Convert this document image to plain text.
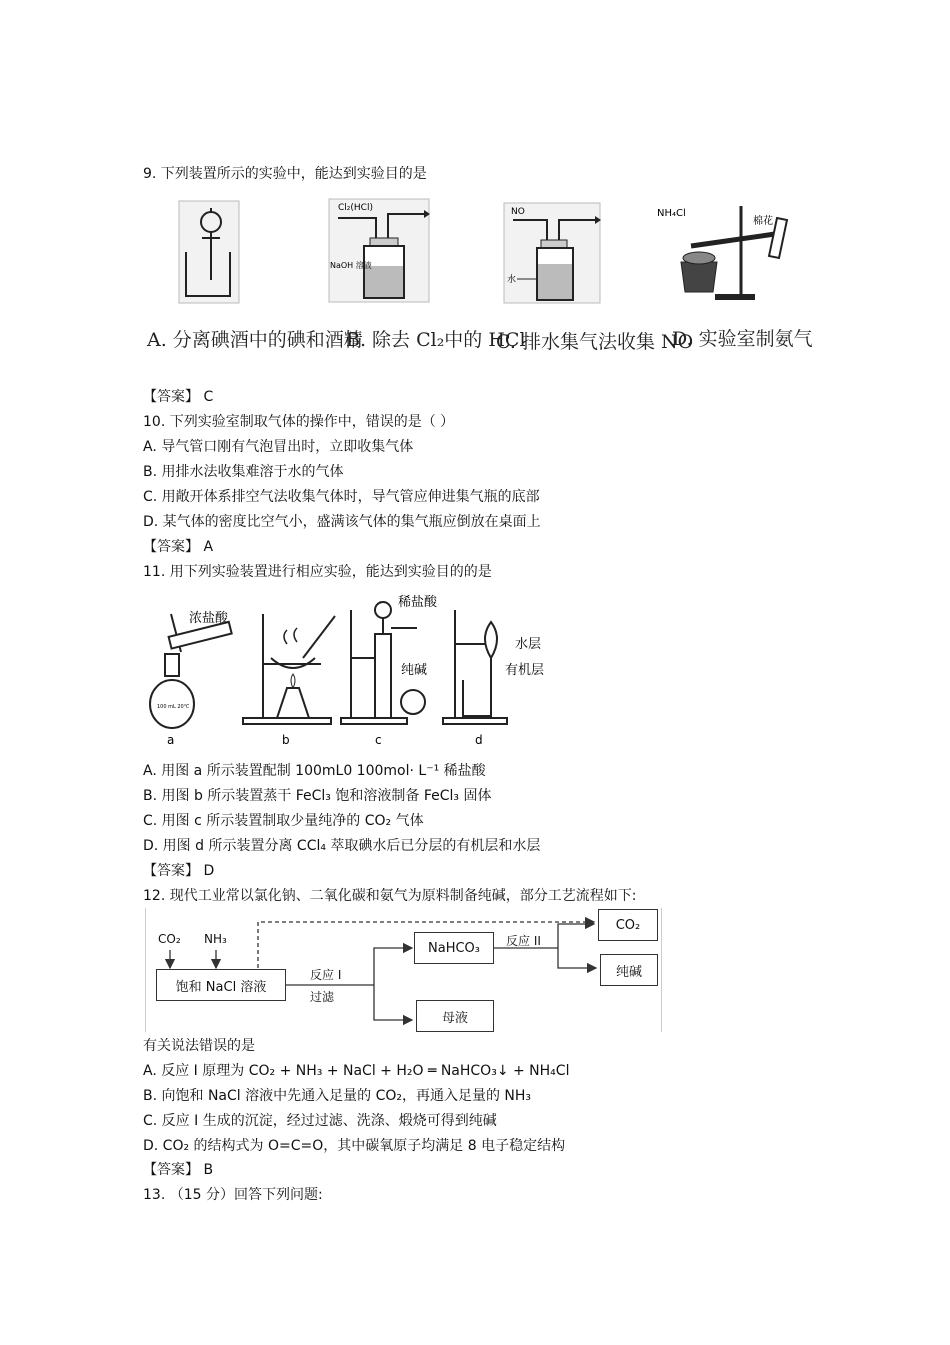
9. 下列装置所示的实验中，能达到实验目的是
Cl₂(HCl)
NaOH 溶液
NO
水
NH₄Cl
棉花
A. 分离碘酒中的碘和酒精
B. 除去 Cl₂中的 HCl
C. 排水集气法收集 NO
D. 实验室制氨气
【答案】 C
10. 下列实验室制取气体的操作中，错误的是（ ）
A. 导气管口刚有气泡冒出时，立即收集气体
B. 用排水法收集难溶于水的气体
C. 用敞开体系排空气法收集气体时，导气管应伸进集气瓶的底部
D. 某气体的密度比空气小，盛满该气体的集气瓶应倒放在桌面上
【答案】 A
11. 用下列实验装置进行相应实验，能达到实验目的的是
100 mL 20℃
浓盐酸
a	b
稀盐酸
纯碱
c
水层
有机层
d
A. 用图 a 所示装置配制 100mL0 100mol· L⁻¹ 稀盐酸
B. 用图 b 所示装置蒸干 FeCl₃ 饱和溶液制备 FeCl₃ 固体
C. 用图 c 所示装置制取少量纯净的 CO₂ 气体
D. 用图 d 所示装置分离 CCl₄ 萃取碘水后已分层的有机层和水层
【答案】 D
12. 现代工业常以氯化钠、二氧化碳和氨气为原料制备纯碱，部分工艺流程如下:
CO₂ NH₃
饱和 NaCl 溶液
反应 I
过滤
NaHCO₃
母液
反应 II
CO₂
纯碱
有关说法错误的是
A. 反应 I 原理为 CO₂ + NH₃ + NaCl + H₂O ═ NaHCO₃↓ + NH₄Cl
B. 向饱和 NaCl 溶液中先通入足量的 CO₂，再通入足量的 NH₃
C. 反应 I 生成的沉淀，经过过滤、洗涤、煅烧可得到纯碱
D. CO₂ 的结构式为 O=C=O，其中碳氧原子均满足 8 电子稳定结构
【答案】 B
13. （15 分）回答下列问题:
